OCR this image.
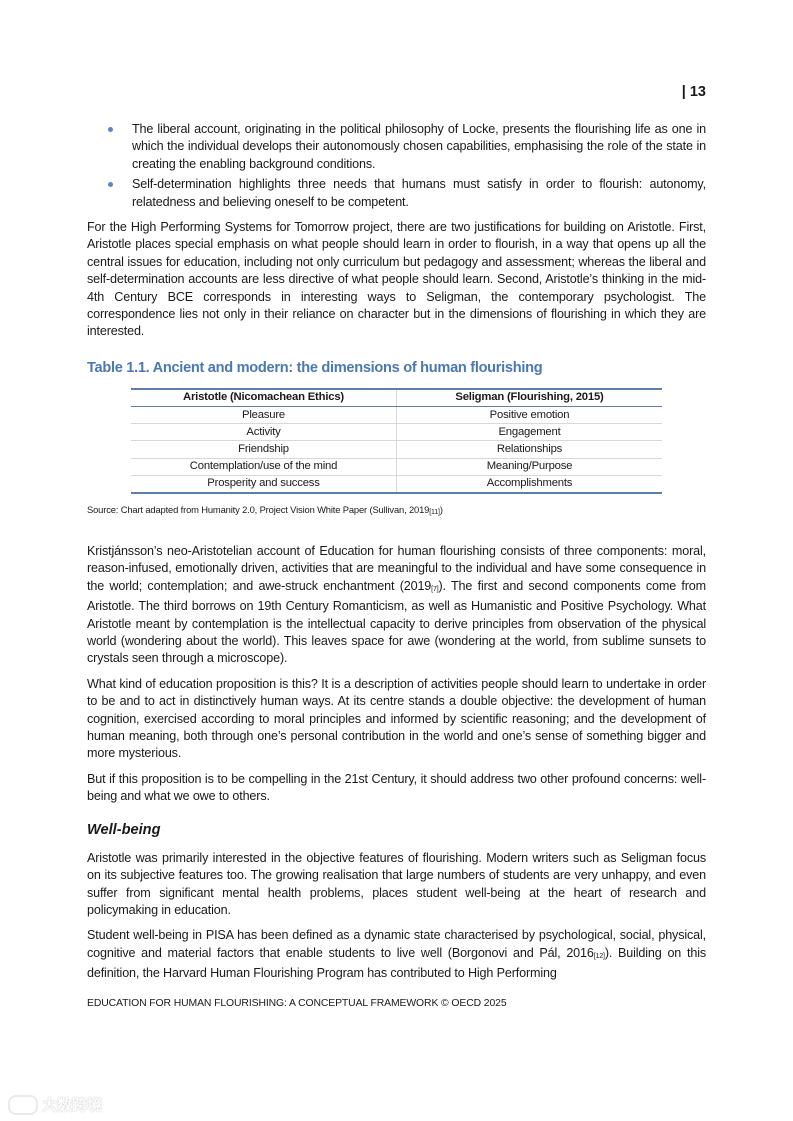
| 13
The liberal account, originating in the political philosophy of Locke, presents the flourishing life as one in which the individual develops their autonomously chosen capabilities, emphasising the role of the state in creating the enabling background conditions.
Self-determination highlights three needs that humans must satisfy in order to flourish: autonomy, relatedness and believing oneself to be competent.

For the High Performing Systems for Tomorrow project, there are two justifications for building on Aristotle. First, Aristotle places special emphasis on what people should learn in order to flourish, in a way that opens up all the central issues for education, including not only curriculum but pedagogy and assessment; whereas the liberal and self-determination accounts are less directive of what people should learn. Second, Aristotle’s thinking in the mid-4th Century BCE corresponds in interesting ways to Seligman, the contemporary psychologist. The correspondence lies not only in their reliance on character but in the dimensions of flourishing in which they are interested.

Table 1.1. Ancient and modern: the dimensions of human flourishing
Aristotle (Nicomachean Ethics)	Seligman (Flourishing, 2015)
Pleasure	Positive emotion
Activity	Engagement
Friendship	Relationships
Contemplation/use of the mind	Meaning/Purpose
Prosperity and success	Accomplishments
Source: Chart adapted from Humanity 2.0, Project Vision White Paper (Sullivan, 2019[11])

Kristjánsson’s neo-Aristotelian account of Education for human flourishing consists of three components: moral, reason-infused, emotionally driven, activities that are meaningful to the individual and have some consequence in the world; contemplation; and awe-struck enchantment (2019[7]). The first and second components come from Aristotle. The third borrows on 19th Century Romanticism, as well as Humanistic and Positive Psychology. What Aristotle meant by contemplation is the intellectual capacity to derive principles from observation of the physical world (wondering about the world). This leaves space for awe (wondering at the world, from sublime sunsets to crystals seen through a microscope).

What kind of education proposition is this? It is a description of activities people should learn to undertake in order to be and to act in distinctively human ways. At its centre stands a double objective: the development of human cognition, exercised according to moral principles and informed by scientific reasoning; and the development of human meaning, both through one’s personal contribution in the world and one’s sense of something bigger and more mysterious.

But if this proposition is to be compelling in the 21st Century, it should address two other profound concerns: well-being and what we owe to others.

Well-being

Aristotle was primarily interested in the objective features of flourishing. Modern writers such as Seligman focus on its subjective features too. The growing realisation that large numbers of students are very unhappy, and even suffer from significant mental health problems, places student well-being at the heart of research and policymaking in education.

Student well-being in PISA has been defined as a dynamic state characterised by psychological, social, physical, cognitive and material factors that enable students to live well (Borgonovi and Pál, 2016[12]). Building on this definition, the Harvard Human Flourishing Program has contributed to High Performing

EDUCATION FOR HUMAN FLOURISHING: A CONCEPTUAL FRAMEWORK © OECD 2025
大数跨境
